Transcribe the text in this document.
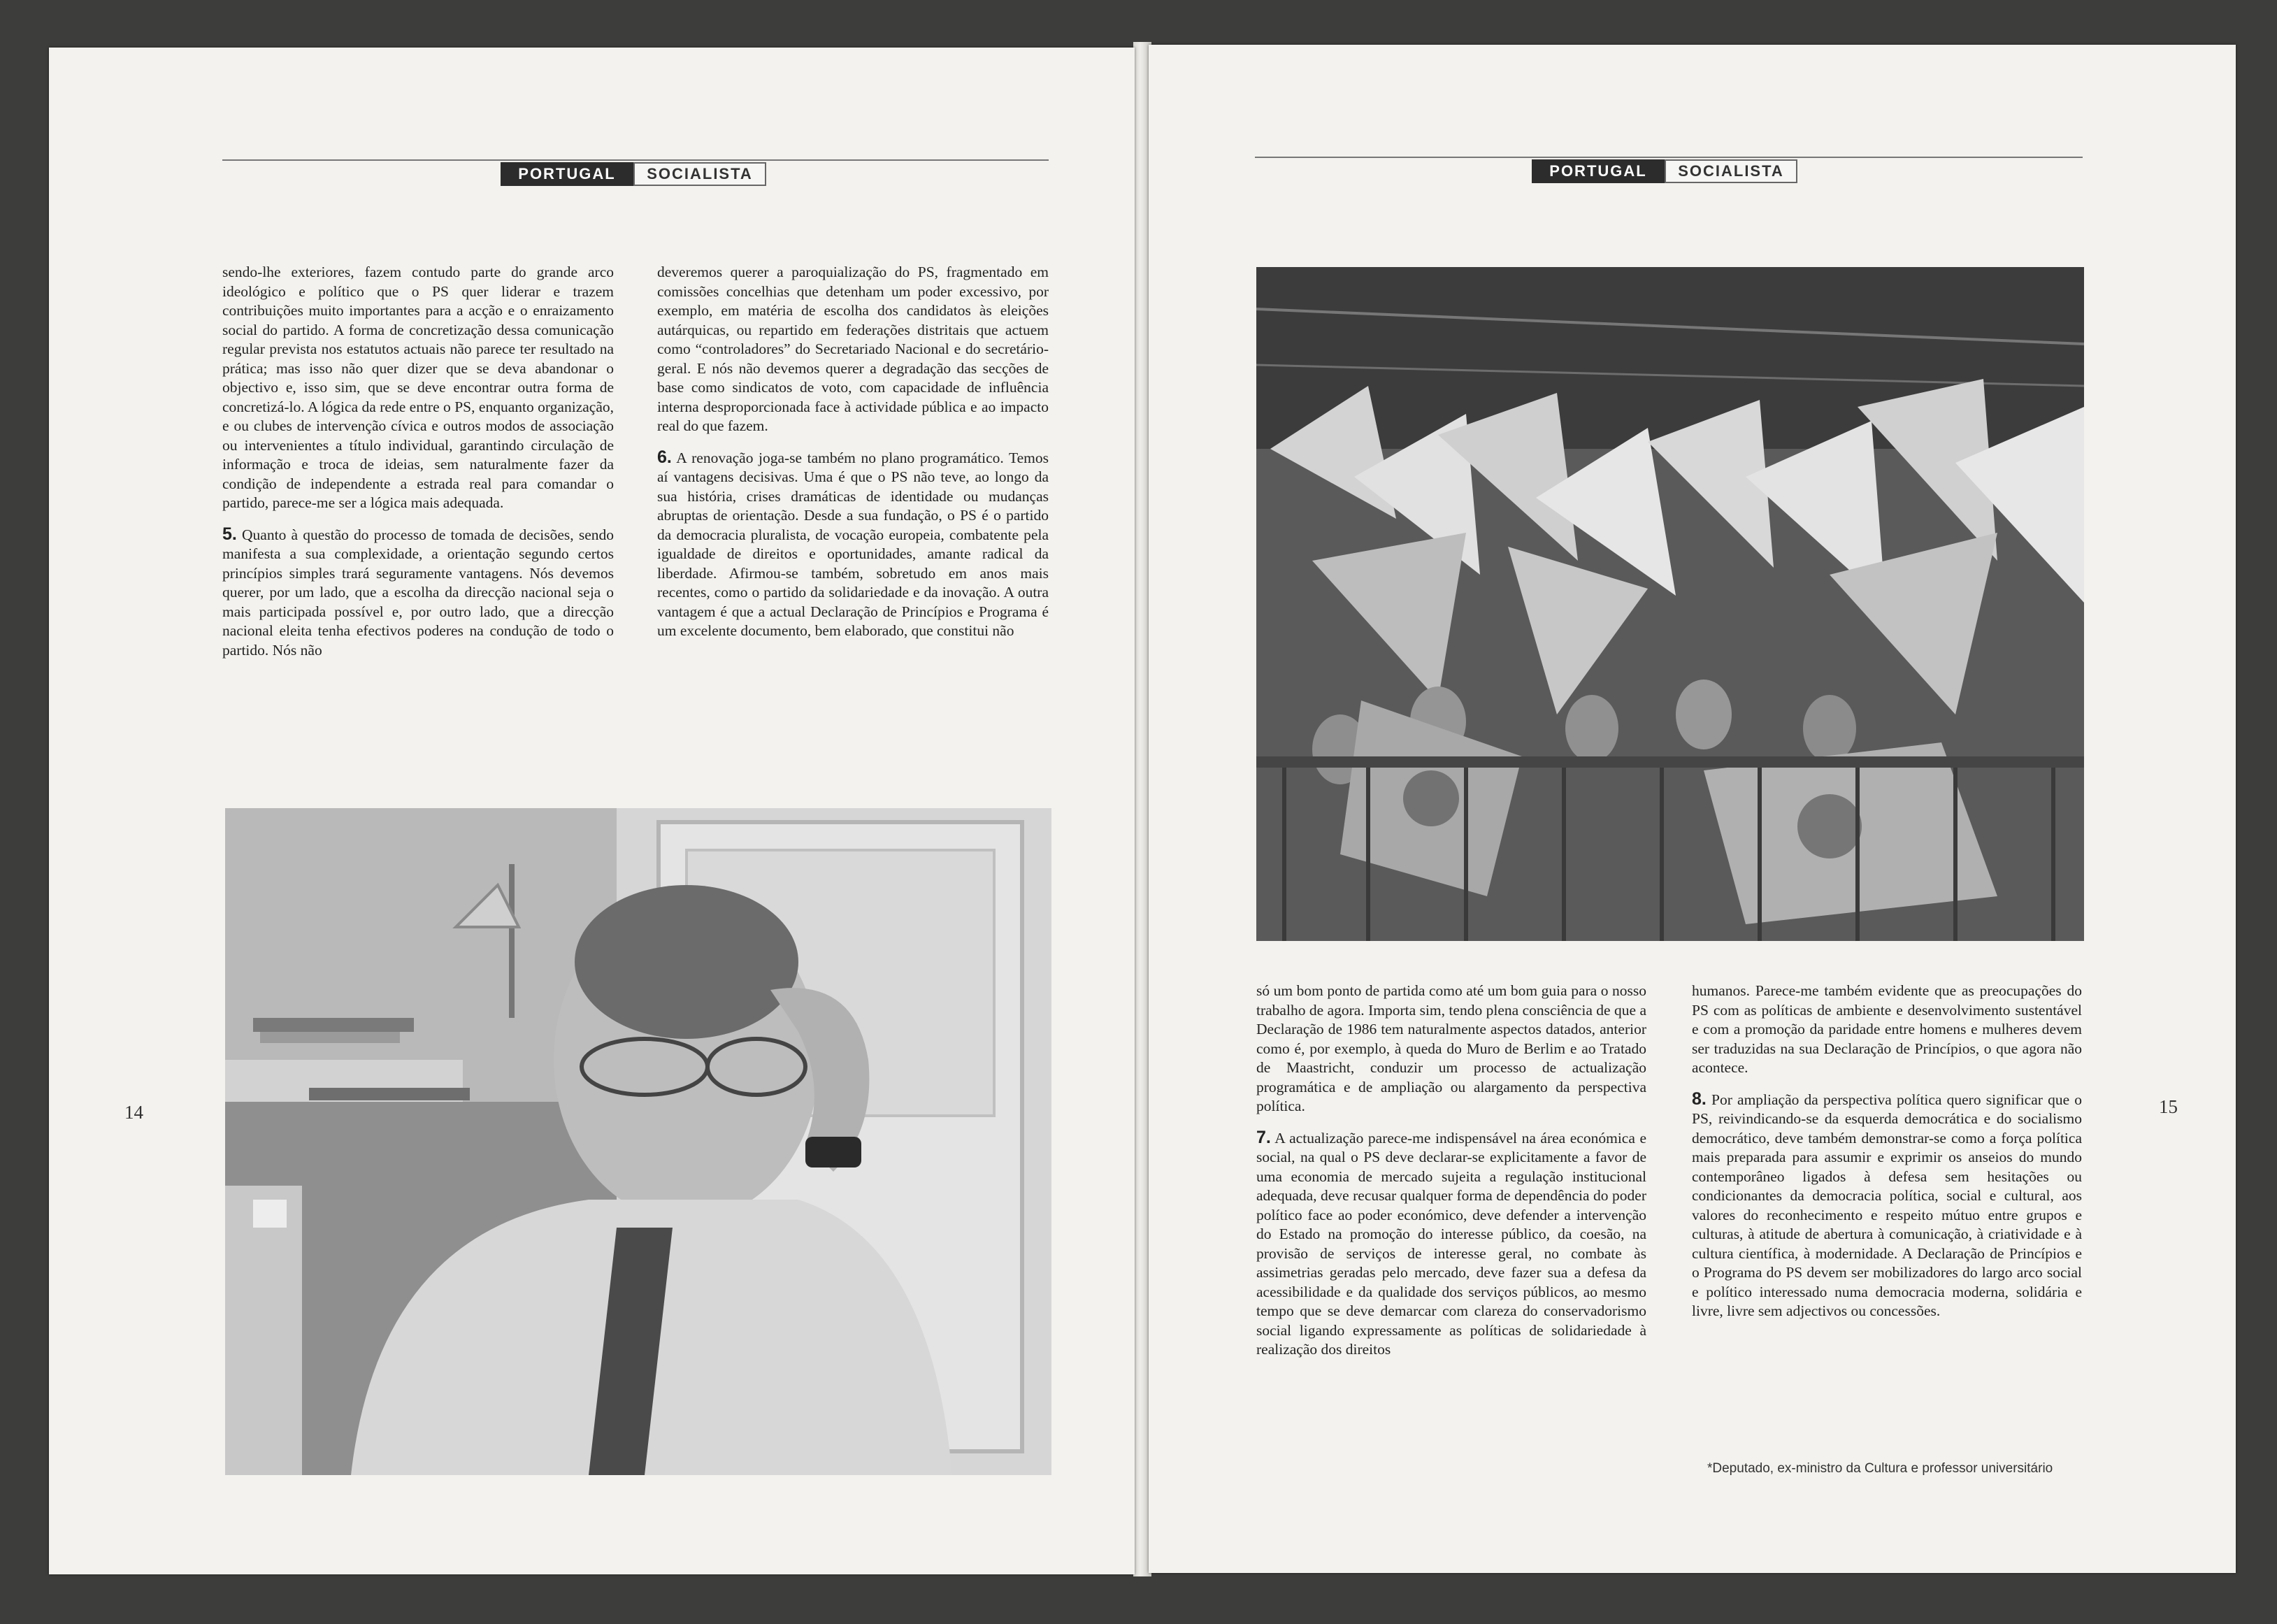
PORTUGAL	SOCIALISTA

sendo-lhe exteriores, fazem contudo parte do grande arco ideológico e político que o PS quer liderar e trazem contribuições muito importantes para a acção e o enraizamento social do partido. A forma de concretização dessa comunicação regular prevista nos estatutos actuais não parece ter resultado na prática; mas isso não quer dizer que se deva abandonar o objectivo e, isso sim, que se deve encontrar outra forma de concretizá-lo. A lógica da rede entre o PS, enquanto organização, e ou clubes de intervenção cívica e outros modos de associação ou intervenientes a título individual, garantindo circulação de informação e troca de ideias, sem naturalmente fazer da condição de independente a estrada real para comandar o partido, parece-me ser a lógica mais adequada.

5. Quanto à questão do processo de tomada de decisões, sendo manifesta a sua complexidade, a orientação segundo certos princípios simples trará seguramente vantagens. Nós devemos querer, por um lado, que a escolha da direcção nacional seja o mais participada possível e, por outro lado, que a direcção nacional eleita tenha efectivos poderes na condução de todo o partido. Nós não

deveremos querer a paroquialização do PS, fragmentado em comissões concelhias que detenham um poder excessivo, por exemplo, em matéria de escolha dos candidatos às eleições autárquicas, ou repartido em federações distritais que actuem como “controladores” do Secretariado Nacional e do secretário-geral. E nós não devemos querer a degradação das secções de base como sindicatos de voto, com capacidade de influência interna desproporcionada face à actividade pública e ao impacto real do que fazem.

6. A renovação joga-se também no plano programático. Temos aí vantagens decisivas. Uma é que o PS não teve, ao longo da sua história, crises dramáticas de identidade ou mudanças abruptas de orientação. Desde a sua fundação, o PS é o partido da democracia pluralista, de vocação europeia, combatente pela igualdade de direitos e oportunidades, amante radical da liberdade. Afirmou-se também, sobretudo em anos mais recentes, como o partido da solidariedade e da inovação. A outra vantagem é que a actual Declaração de Princípios e Programa é um excelente documento, bem elaborado, que constitui não

14
PORTUGAL	SOCIALISTA

só um bom ponto de partida como até um bom guia para o nosso trabalho de agora. Importa sim, tendo plena consciência de que a Declaração de 1986 tem naturalmente aspectos datados, anterior como é, por exemplo, à queda do Muro de Berlim e ao Tratado de Maastricht, conduzir um processo de actualização programática e de ampliação ou alargamento da perspectiva política.

7. A actualização parece-me indispensável na área económica e social, na qual o PS deve declarar-se explicitamente a favor de uma economia de mercado sujeita a regulação institucional adequada, deve recusar qualquer forma de dependência do poder político face ao poder económico, deve defender a intervenção do Estado na promoção do interesse público, da coesão, na provisão de serviços de interesse geral, no combate às assimetrias geradas pelo mercado, deve fazer sua a defesa da acessibilidade e da qualidade dos serviços públicos, ao mesmo tempo que se deve demarcar com clareza do conservadorismo social ligando expressamente as políticas de solidariedade à realização dos direitos

humanos. Parece-me também evidente que as preocupações do PS com as políticas de ambiente e desenvolvimento sustentável e com a promoção da paridade entre homens e mulheres devem ser traduzidas na sua Declaração de Princípios, o que agora não acontece.

8. Por ampliação da perspectiva política quero significar que o PS, reivindicando-se da esquerda democrática e do socialismo democrático, deve também demonstrar-se como a força política mais preparada para assumir e exprimir os anseios do mundo contemporâneo ligados à defesa sem hesitações ou condicionantes da democracia política, social e cultural, aos valores do reconhecimento e respeito mútuo entre grupos e culturas, à atitude de abertura à comunicação, à criatividade e à cultura científica, à modernidade. A Declaração de Princípios e o Programa do PS devem ser mobilizadores do largo arco social e político interessado numa democracia moderna, solidária e livre, livre sem adjectivos ou concessões.

*Deputado, ex-ministro da Cultura e professor universitário
15
